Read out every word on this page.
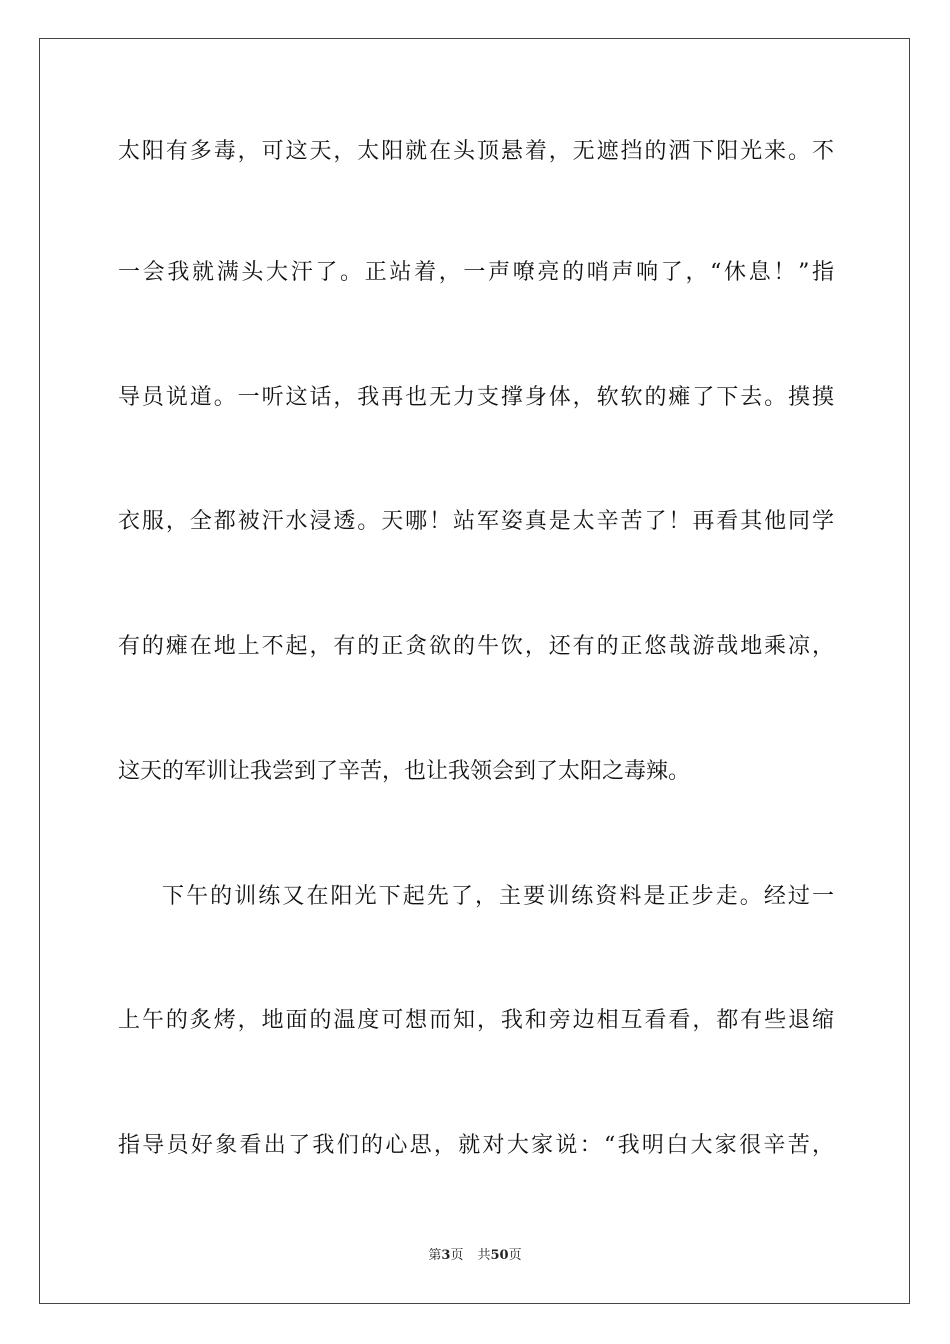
太阳有多毒，可这天，太阳就在头顶悬着，无遮挡的洒下阳光来。不
一会我就满头大汗了。正站着，一声嘹亮的哨声响了，“休息！”指
导员说道。一听这话，我再也无力支撑身体，软软的瘫了下去。摸摸
衣服，全都被汗水浸透。天哪！站军姿真是太辛苦了！再看其他同学
有的瘫在地上不起，有的正贪欲的牛饮，还有的正悠哉游哉地乘凉，
这天的军训让我尝到了辛苦，也让我领会到了太阳之毒辣。
下午的训练又在阳光下起先了，主要训练资料是正步走。经过一
上午的炙烤，地面的温度可想而知，我和旁边相互看看，都有些退缩
指导员好象看出了我们的心思，就对大家说：“我明白大家很辛苦，
第3页 共50页
